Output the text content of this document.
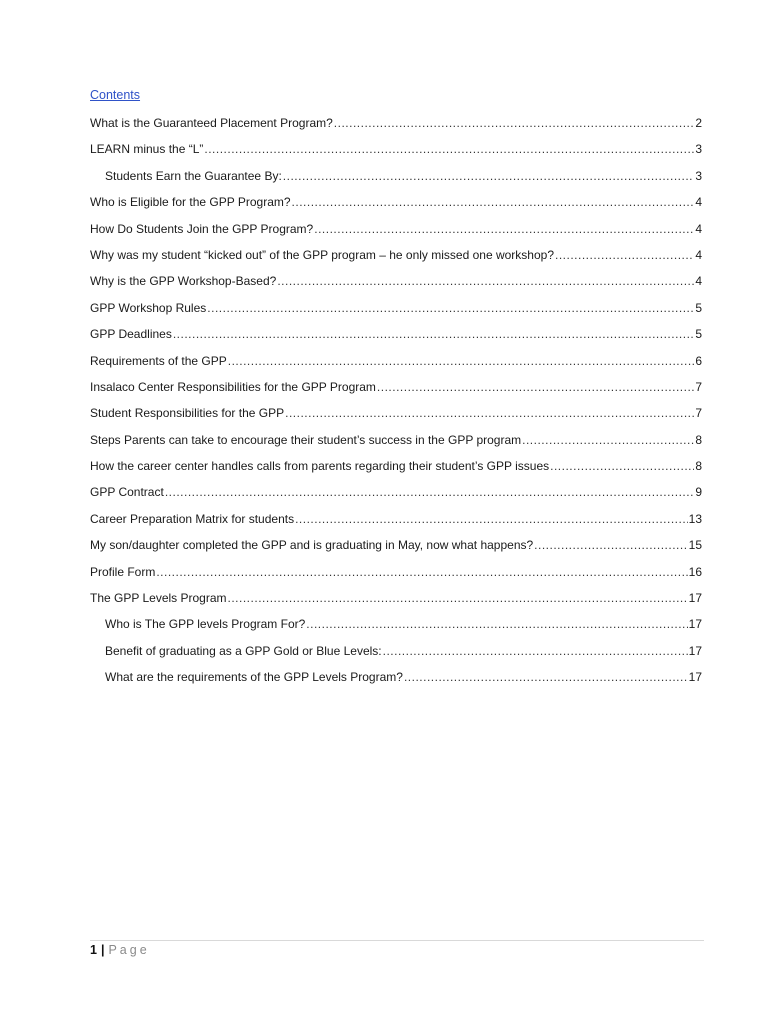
Contents
What is the Guaranteed Placement Program? .....	2
LEARN minus the “L” .....	3
Students Earn the Guarantee By: .....	3
Who is Eligible for the GPP Program? .....	4
How Do Students Join the GPP Program? .....	4
Why was my student “kicked out” of the GPP program – he only missed one workshop? .....	4
Why is the GPP Workshop-Based? .....	4
GPP Workshop Rules .....	5
GPP Deadlines .....	5
Requirements of the GPP .....	6
Insalaco Center Responsibilities for the GPP Program .....	7
Student Responsibilities for the GPP .....	7
Steps Parents can take to encourage their student’s success in the GPP program .....	8
How the career center handles calls from parents regarding their student’s GPP issues .....	8
GPP Contract .....	9
Career Preparation Matrix for students .....	13
My son/daughter completed the GPP and is graduating in May, now what happens? .....	15
Profile Form .....	16
The GPP Levels Program .....	17
Who is The GPP levels Program For? .....	17
Benefit of graduating as a GPP Gold or Blue Levels: .....	17
What are the requirements of the GPP Levels Program? .....	17
1 | Page
